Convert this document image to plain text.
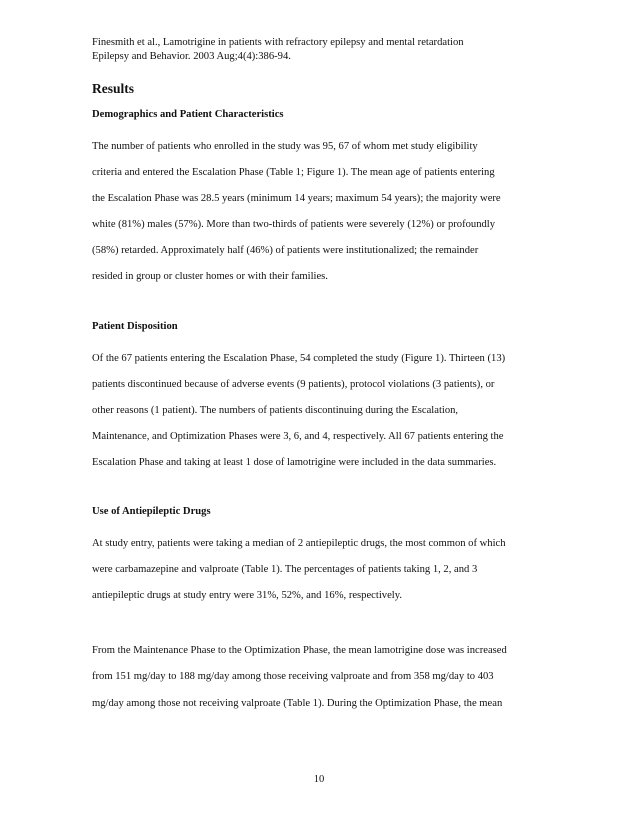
Finesmith et al., Lamotrigine in patients with refractory epilepsy and mental retardation

Epilepsy and Behavior. 2003 Aug;4(4):386-94.

Results

Demographics and Patient Characteristics

The number of patients who enrolled in the study was 95, 67 of whom met study eligibility

criteria and entered the Escalation Phase (Table 1; Figure 1). The mean age of patients entering

the Escalation Phase was 28.5 years (minimum 14 years; maximum 54 years); the majority were

white (81%) males (57%). More than two-thirds of patients were severely (12%) or profoundly

(58%) retarded. Approximately half (46%) of patients were institutionalized; the remainder

resided in group or cluster homes or with their families.

Patient Disposition

Of the 67 patients entering the Escalation Phase, 54 completed the study (Figure 1). Thirteen (13)

patients discontinued because of adverse events (9 patients), protocol violations (3 patients), or

other reasons (1 patient). The numbers of patients discontinuing during the Escalation,

Maintenance, and Optimization Phases were 3, 6, and 4, respectively. All 67 patients entering the

Escalation Phase and taking at least 1 dose of lamotrigine were included in the data summaries.

Use of Antiepileptic Drugs

At study entry, patients were taking a median of 2 antiepileptic drugs, the most common of which

were carbamazepine and valproate (Table 1). The percentages of patients taking 1, 2, and 3

antiepileptic drugs at study entry were 31%, 52%, and 16%, respectively.

From the Maintenance Phase to the Optimization Phase, the mean lamotrigine dose was increased

from 151 mg/day to 188 mg/day among those receiving valproate and from 358 mg/day to 403

mg/day among those not receiving valproate (Table 1). During the Optimization Phase, the mean

10
